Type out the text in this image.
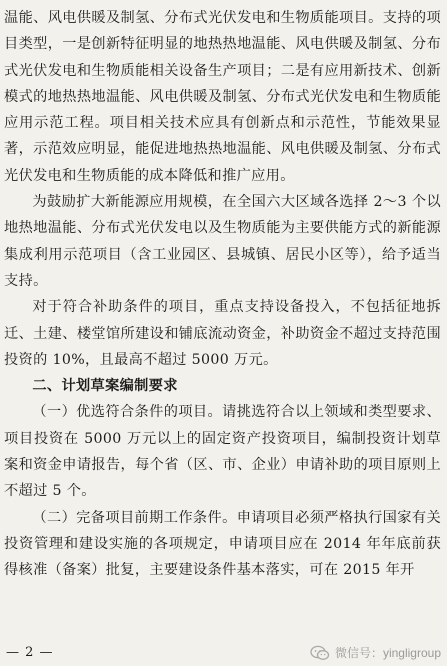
温能、风电供暖及制氢、分布式光伏发电和生物质能项目。支持的项目类型，一是创新特征明显的地热热地温能、风电供暖及制氢、分布式光伏发电和生物质能相关设备生产项目；二是有应用新技术、创新模式的地热热地温能、风电供暖及制氢、分布式光伏发电和生物质能应用示范工程。项目相关技术应具有创新点和示范性，节能效果显著，示范效应明显，能促进地热热地温能、风电供暖及制氢、分布式光伏发电和生物质能的成本降低和推广应用。

为鼓励扩大新能源应用规模，在全国六大区域各选择 2～3 个以地热地温能、分布式光伏发电以及生物质能为主要供能方式的新能源集成利用示范项目（含工业园区、县城镇、居民小区等），给予适当支持。

对于符合补助条件的项目，重点支持设备投入，不包括征地拆迁、土建、楼堂馆所建设和铺底流动资金，补助资金不超过支持范围投资的 10%，且最高不超过 5000 万元。

二、计划草案编制要求

（一）优选符合条件的项目。请挑选符合以上领域和类型要求、项目投资在 5000 万元以上的固定资产投资项目，编制投资计划草案和资金申请报告，每个省（区、市、企业）申请补助的项目原则上不超过 5 个。

（二）完备项目前期工作条件。申请项目必须严格执行国家有关投资管理和建设实施的各项规定，申请项目应在 2014 年年底前获得核准（备案）批复，主要建设条件基本落实，可在 2015 年开

— 2 —	微信号：yingligroup
